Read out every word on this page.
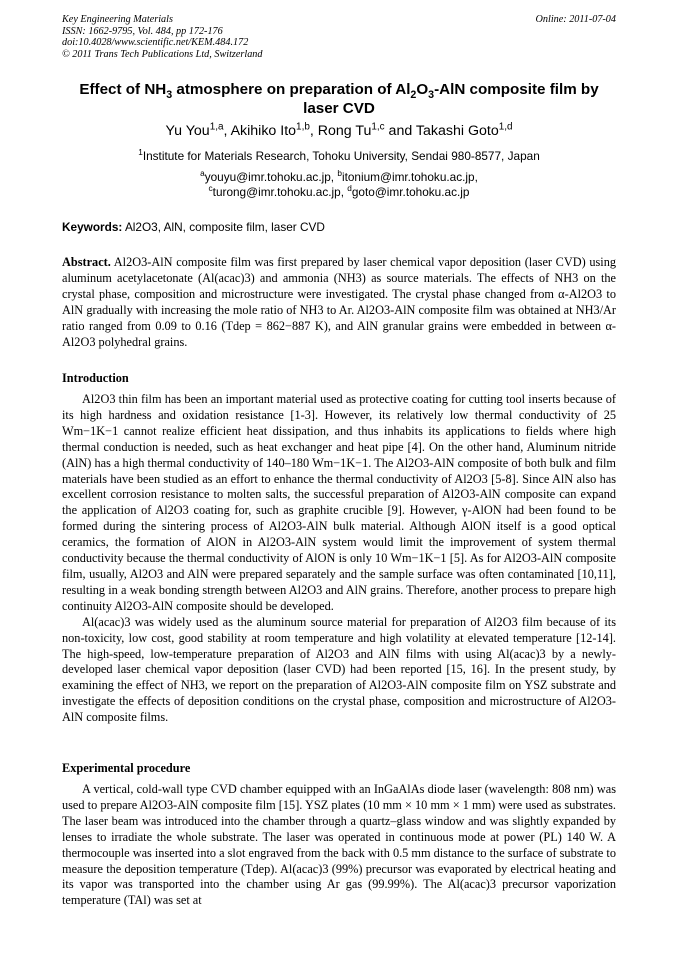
Key Engineering Materials
ISSN: 1662-9795, Vol. 484, pp 172-176
doi:10.4028/www.scientific.net/KEM.484.172
© 2011 Trans Tech Publications Ltd, Switzerland
Online: 2011-07-04
Effect of $NH_3$ atmosphere on preparation of $Al_2O_3$-AlN composite film by
laser CVD
Yu You$^{1,a}$, Akihiko Ito$^{1,b}$, Rong Tu$^{1,c}$ and Takashi Goto$^{1,d}$
$^1$Institute for Materials Research, Tohoku University, Sendai 980-8577, Japan
$^a$youyu@imr.tohoku.ac.jp, $^b$itonium@imr.tohoku.ac.jp,
$^c$turong@imr.tohoku.ac.jp, $^d$goto@imr.tohoku.ac.jp
Keywords: Al2O3, AlN, composite film, laser CVD

Abstract. Al2O3-AlN composite film was first prepared by laser chemical vapor deposition (laser CVD) using aluminum acetylacetonate (Al(acac)3) and ammonia (NH3) as source materials. The effects of NH3 on the crystal phase, composition and microstructure were investigated. The crystal phase changed from α-Al2O3 to AlN gradually with increasing the mole ratio of NH3 to Ar. Al2O3-AlN composite film was obtained at NH3/Ar ratio ranged from 0.09 to 0.16 (Tdep = 862−887 K), and AlN granular grains were embedded in between α-Al2O3 polyhedral grains.

Introduction

Al2O3 thin film has been an important material used as protective coating for cutting tool inserts because of its high hardness and oxidation resistance [1-3]. However, its relatively low thermal conductivity of 25 Wm−1K−1 cannot realize efficient heat dissipation, and thus inhabits its applications to fields where high thermal conduction is needed, such as heat exchanger and heat pipe [4]. On the other hand, Aluminum nitride (AlN) has a high thermal conductivity of 140–180 Wm−1K−1. The Al2O3-AlN composite of both bulk and film materials have been studied as an effort to enhance the thermal conductivity of Al2O3 [5-8]. Since AlN also has excellent corrosion resistance to molten salts, the successful preparation of Al2O3-AlN composite can expand the application of Al2O3 coating for, such as graphite crucible [9]. However, γ-AlON had been found to be formed during the sintering process of Al2O3-AlN bulk material. Although AlON itself is a good optical ceramics, the formation of AlON in Al2O3-AlN system would limit the improvement of system thermal conductivity because the thermal conductivity of AlON is only 10 Wm−1K−1 [5]. As for Al2O3-AlN composite film, usually, Al2O3 and AlN were prepared separately and the sample surface was often contaminated [10,11], resulting in a weak bonding strength between Al2O3 and AlN grains. Therefore, another process to prepare high continuity Al2O3-AlN composite should be developed.

Al(acac)3 was widely used as the aluminum source material for preparation of Al2O3 film because of its non-toxicity, low cost, good stability at room temperature and high volatility at elevated temperature [12-14]. The high-speed, low-temperature preparation of Al2O3 and AlN films with using Al(acac)3 by a newly-developed laser chemical vapor deposition (laser CVD) had been reported [15, 16]. In the present study, by examining the effect of NH3, we report on the preparation of Al2O3-AlN composite film on YSZ substrate and investigate the effects of deposition conditions on the crystal phase, composition and microstructure of Al2O3-AlN composite films.

Experimental procedure

A vertical, cold-wall type CVD chamber equipped with an InGaAlAs diode laser (wavelength: 808 nm) was used to prepare Al2O3-AlN composite film [15]. YSZ plates (10 mm × 10 mm × 1 mm) were used as substrates. The laser beam was introduced into the chamber through a quartz–glass window and was slightly expanded by lenses to irradiate the whole substrate. The laser was operated in continuous mode at power (PL) 140 W. A thermocouple was inserted into a slot engraved from the back with 0.5 mm distance to the surface of substrate to measure the deposition temperature (Tdep). Al(acac)3 (99%) precursor was evaporated by electrical heating and its vapor was transported into the chamber using Ar gas (99.99%). The Al(acac)3 precursor vaporization temperature (TAl) was set at
